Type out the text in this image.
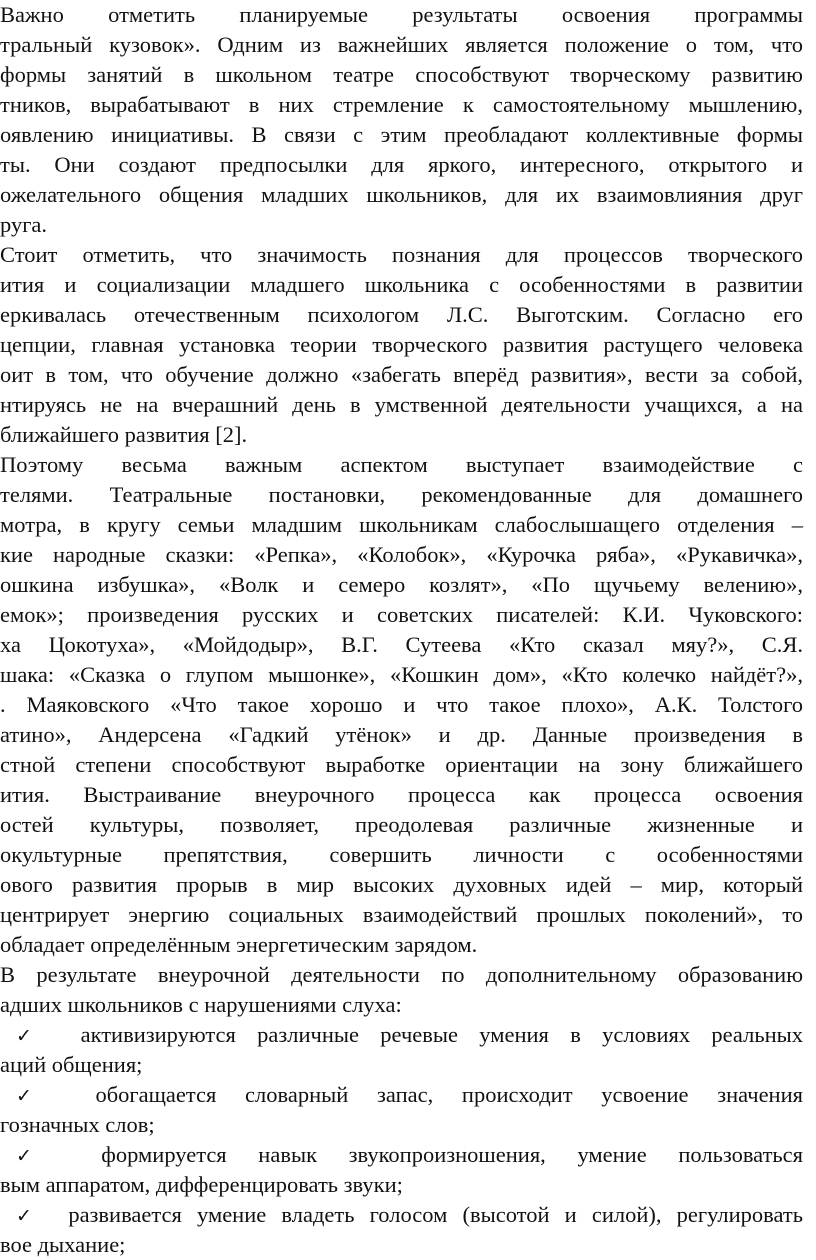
Важно отметить планируемые результаты освоения программы
тральный кузовок». Одним из важнейших является положение о том, что
формы занятий в школьном театре способствуют творческому развитию
тников, вырабатывают в них стремление к самостоятельному мышлению,
оявлению инициативы. В связи с этим преобладают коллективные формы
ты. Они создают предпосылки для яркого, интересного, открытого и
ожелательного общения младших школьников, для их взаимовлияния друг
руга.
Стоит отметить, что значимость познания для процессов творческого
ития и социализации младшего школьника с особенностями в развитии
еркивалась отечественным психологом Л.С. Выготским. Согласно его
цепции, главная установка теории творческого развития растущего человека
оит в том, что обучение должно «забегать вперёд развития», вести за собой,
нтируясь не на вчерашний день в умственной деятельности учащихся, а на
ближайшего развития [2].
Поэтому весьма важным аспектом выступает взаимодействие с
телями. Театральные постановки, рекомендованные для домашнего
мотра, в кругу семьи младшим школьникам слабослышащего отделения –
кие народные сказки: «Репка», «Колобок», «Курочка ряба», «Рукавичка»,
ошкина избушка», «Волк и семеро козлят», «По щучьему велению»,
емок»; произведения русских и советских писателей: К.И. Чуковского:
ха Цокотуха», «Мойдодыр», В.Г. Сутеева «Кто сказал мяу?», С.Я.
шака: «Сказка о глупом мышонке», «Кошкин дом», «Кто колечко найдёт?»,
. Маяковского «Что такое хорошо и что такое плохо», А.К. Толстого
атино», Андерсена «Гадкий утёнок» и др. Данные произведения в
стной степени способствуют выработке ориентации на зону ближайшего
ития. Выстраивание внеурочного процесса как процесса освоения
остей культуры, позволяет, преодолевая различные жизненные и
окультурные препятствия, совершить личности с особенностями
ового развития прорыв в мир высоких духовных идей – мир, который
центрирует энергию социальных взаимодействий прошлых поколений», то
обладает определённым энергетическим зарядом.
В результате внеурочной деятельности по дополнительному образованию
адших школьников с нарушениями слуха:
✓ активизируются различные речевые умения в условиях реальных
аций общения;
✓	обогащается словарный запас, происходит усвоение значения
гозначных слов;
✓	формируется навык звукопроизношения, умение пользоваться
вым аппаратом, дифференцировать звуки;
✓ развивается умение владеть голосом (высотой и силой), регулировать
вое дыхание;
